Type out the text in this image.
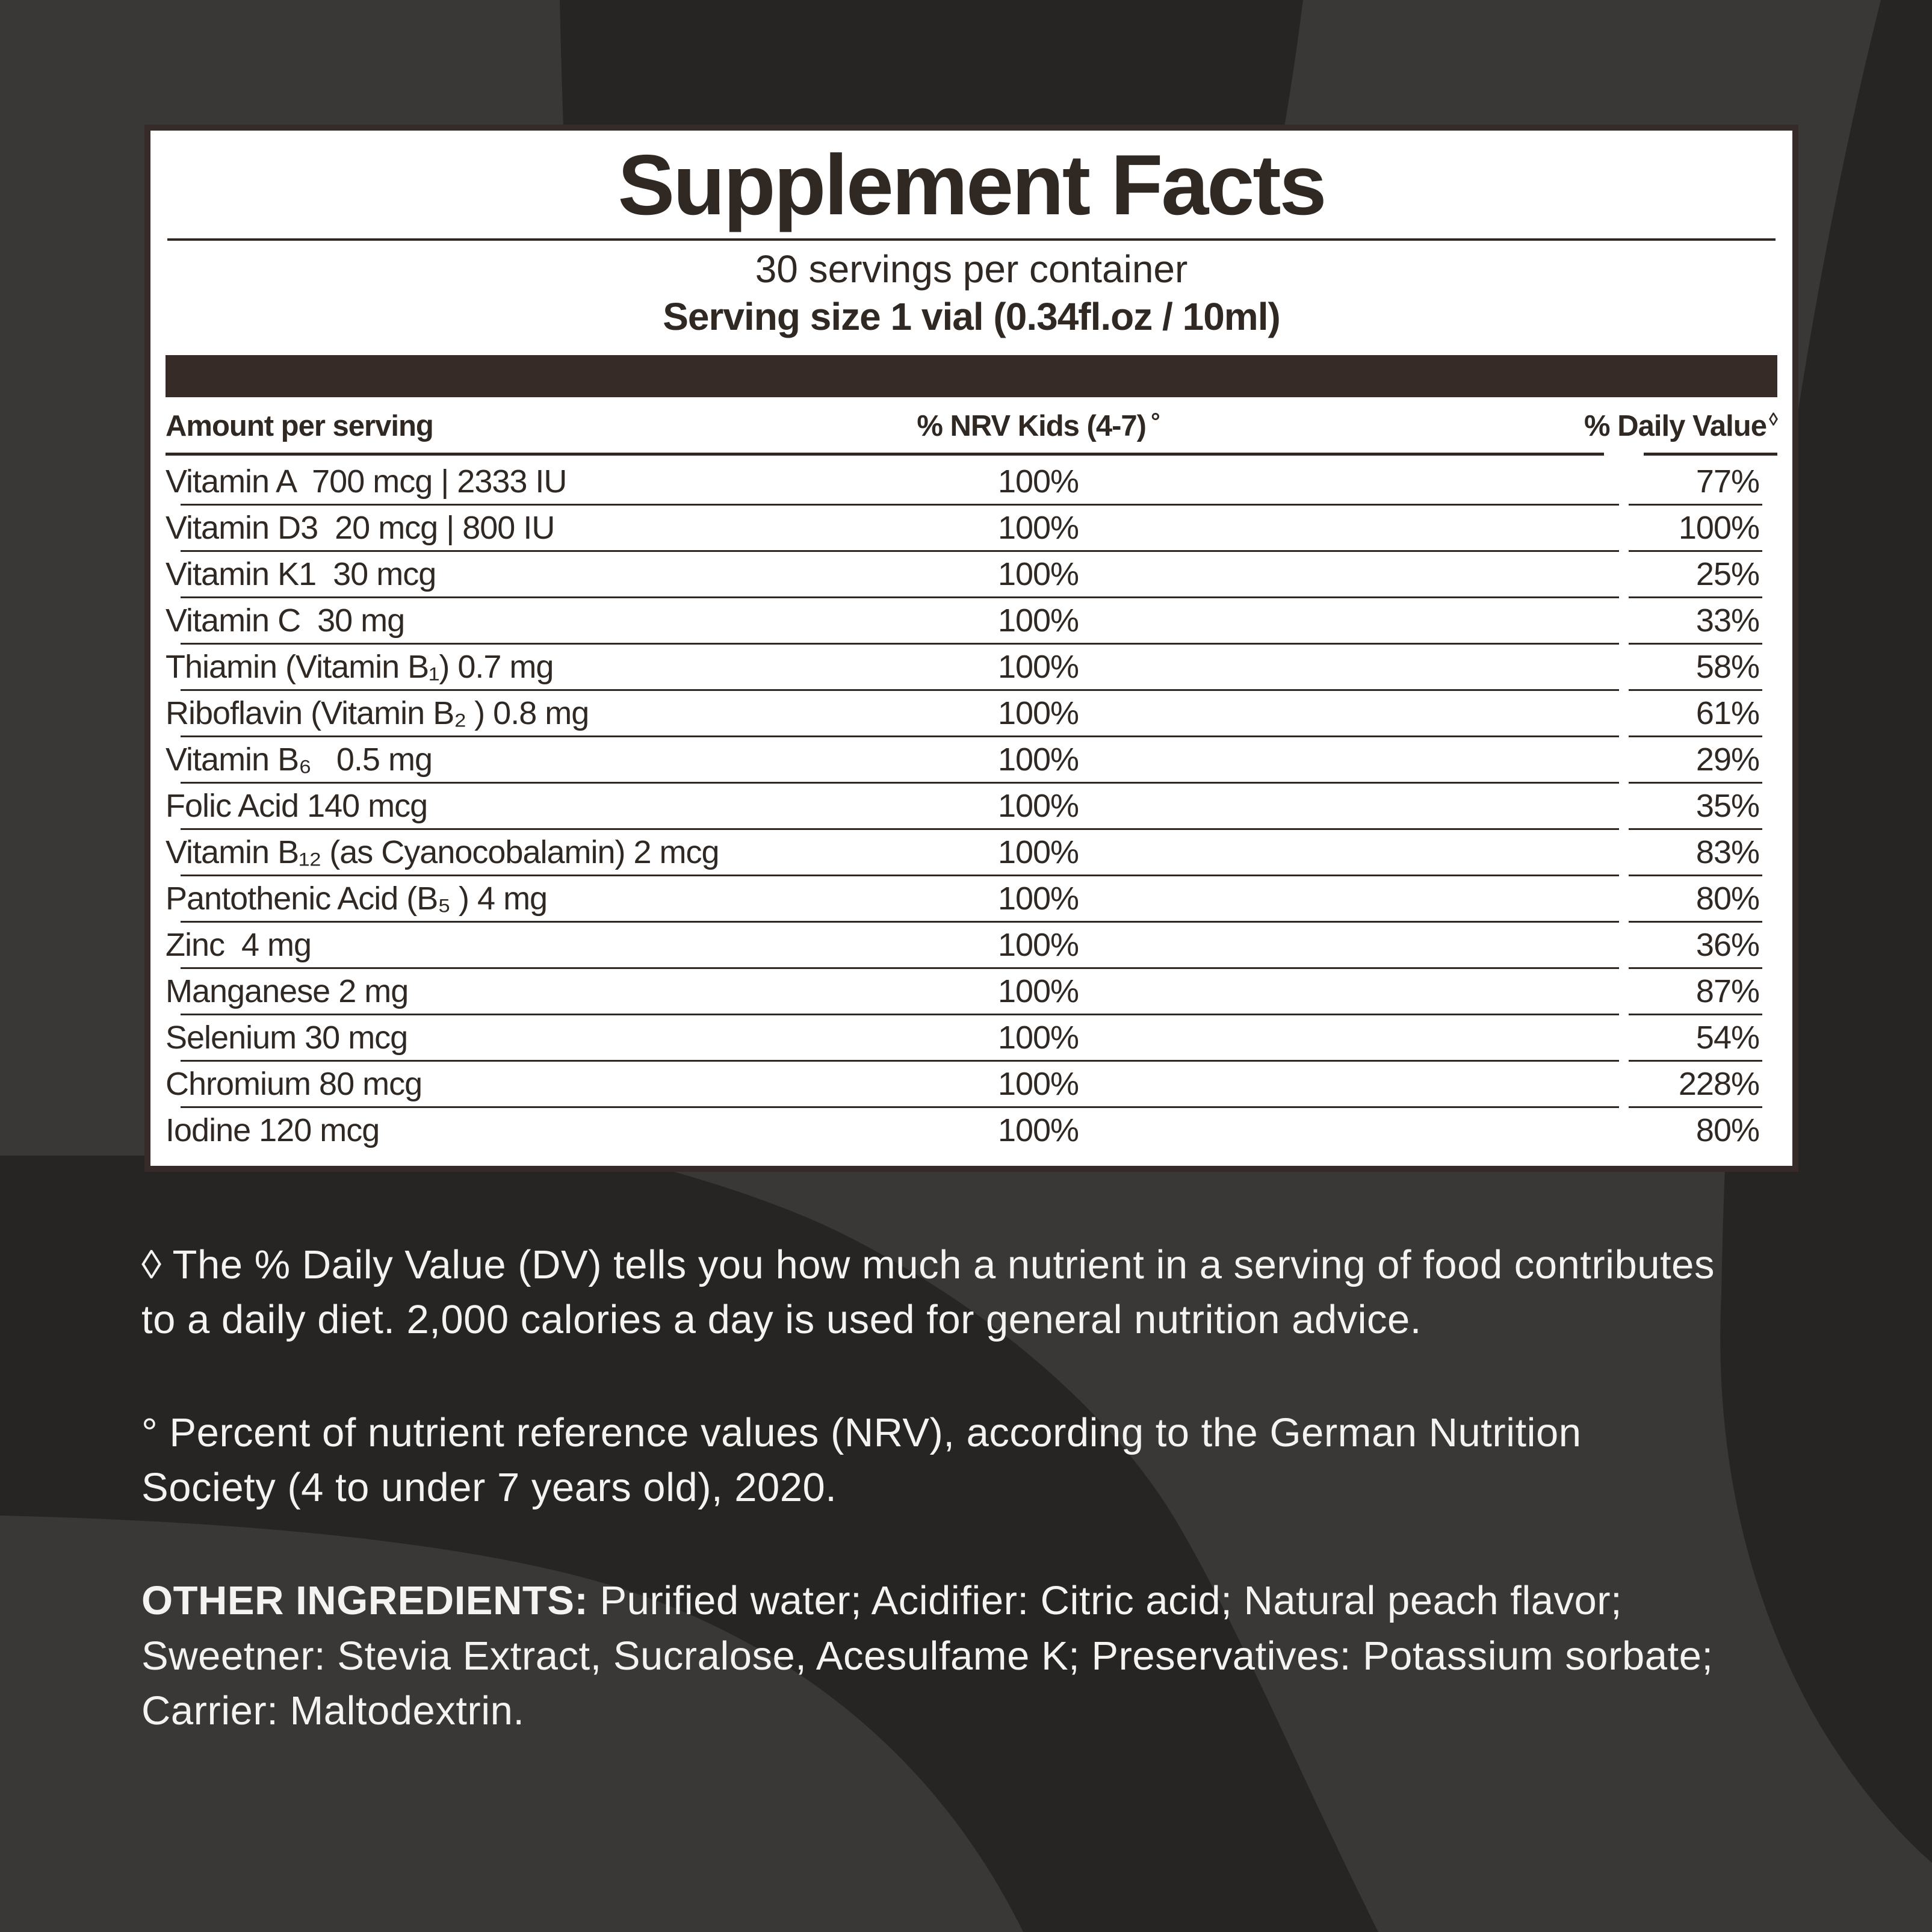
Supplement Facts

30 servings per container

Serving size 1 vial (0.34fl.oz / 10ml)

Amount per serving	% NRV Kids (4-7) °	% Daily Value ◊
Vitamin A  700 mcg | 2333 IU	100%	77%
Vitamin D3  20 mcg | 800 IU	100%	100%
Vitamin K1  30 mcg	100%	25%
Vitamin C  30 mg	100%	33%
Thiamin (Vitamin B₁) 0.7 mg	100%	58%
Riboflavin (Vitamin B₂ ) 0.8 mg	100%	61%
Vitamin B₆   0.5 mg	100%	29%
Folic Acid 140 mcg	100%	35%
Vitamin B₁₂ (as Cyanocobalamin) 2 mcg	100%	83%
Pantothenic Acid (B₅ ) 4 mg	100%	80%
Zinc  4 mg	100%	36%
Manganese 2 mg	100%	87%
Selenium 30 mcg	100%	54%
Chromium 80 mcg	100%	228%
Iodine 120 mcg	100%	80%

◊ The % Daily Value (DV) tells you how much a nutrient in a serving of food contributes to a daily diet. 2,000 calories a day is used for general nutrition advice.

° Percent of nutrient reference values (NRV), according to the German Nutrition Society (4 to under 7 years old), 2020.

OTHER INGREDIENTS: Purified water; Acidifier: Citric acid; Natural peach flavor; Sweetner: Stevia Extract, Sucralose, Acesulfame K; Preservatives: Potassium sorbate; Carrier: Maltodextrin.
